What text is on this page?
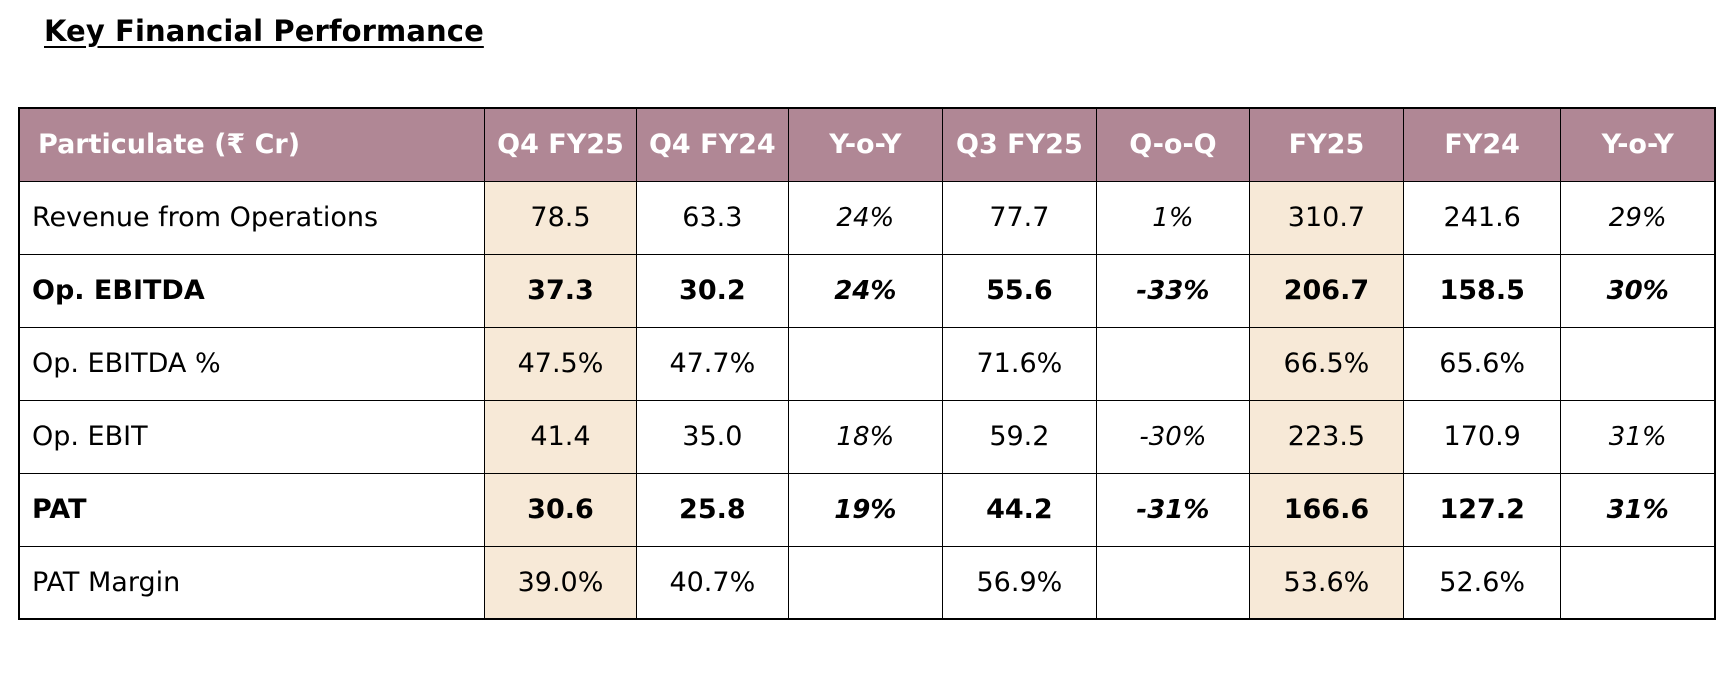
Key Financial Performance
Particulate (₹ Cr)	Q4 FY25	Q4 FY24	Y-o-Y	Q3 FY25	Q-o-Q	FY25	FY24	Y-o-Y
Revenue from Operations	78.5	63.3	24%	77.7	1%	310.7	241.6	29%
Op. EBITDA	37.3	30.2	24%	55.6	-33%	206.7	158.5	30%
Op. EBITDA %	47.5%	47.7%		71.6%		66.5%	65.6%	
Op. EBIT	41.4	35.0	18%	59.2	-30%	223.5	170.9	31%
PAT	30.6	25.8	19%	44.2	-31%	166.6	127.2	31%
PAT Margin	39.0%	40.7%		56.9%		53.6%	52.6%	
